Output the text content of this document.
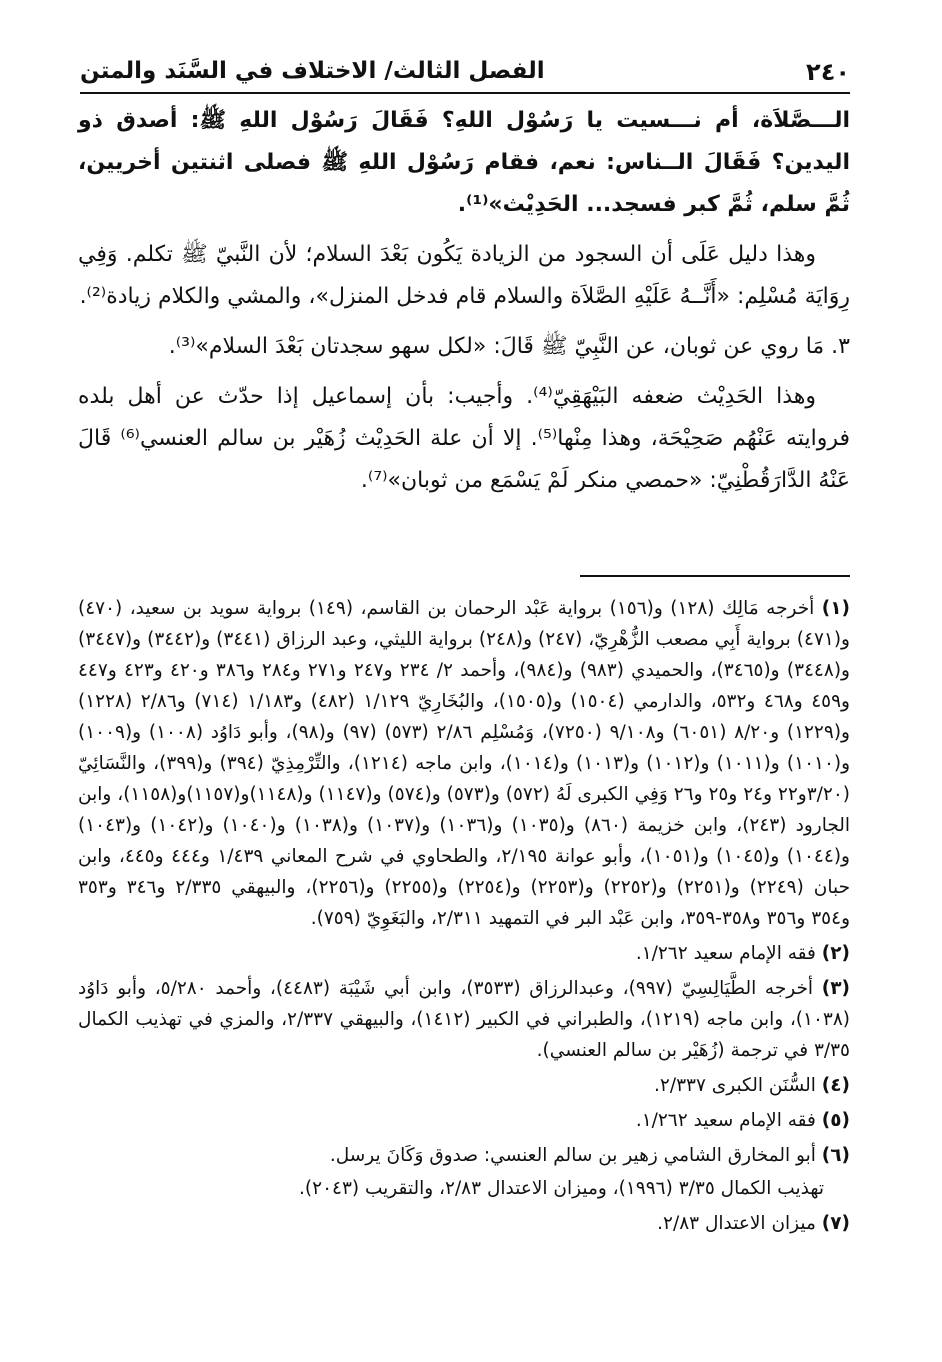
٢٤٠
الفصل الثالث/ الاختلاف في السَّنَد والمتن

الـــصَّلاَة، أم نـــسيت يا رَسُوْل اللهِ؟ فَقَالَ رَسُوْل اللهِ ﷺ: أصدق ذو اليدين؟ فَقَالَ الــناس: نعم، فقام رَسُوْل اللهِ ﷺ فصلى اثنتين أخريين، ثُمَّ سلم، ثُمَّ كبر فسجد... الحَدِيْث»⁽¹⁾.

وهذا دليل عَلَى أن السجود من الزيادة يَكُون بَعْدَ السلام؛ لأن النَّبيّ ﷺ تكلم. وَفِي رِوَايَة مُسْلِم: «أَنَّــهُ عَلَيْهِ الصَّلاَة والسلام قام فدخل المنزل»، والمشي والكلام زيادة⁽²⁾.

٣. مَا روي عن ثوبان، عن النَّبِيّ ﷺ قَالَ: «لكل سهو سجدتان بَعْدَ السلام»⁽³⁾.

وهذا الحَدِيْث ضعفه البَيْهَقِيّ⁽⁴⁾. وأجيب: بأن إسماعيل إذا حدّث عن أهل بلده فروايته عَنْهُم صَحِيْحَة، وهذا مِنْها⁽⁵⁾. إلا أن علة الحَدِيْث زُهَيْر بن سالم العنسي⁽⁶⁾ قَالَ عَنْهُ الدَّارَقُطْنِيّ: «حمصي منكر لَمْ يَسْمَع من ثوبان»⁽⁷⁾.

(١) أخرجه مَالِك (١٢٨) و(١٥٦) برواية عَبْد الرحمان بن القاسم، (١٤٩) برواية سويد بن سعيد، (٤٧٠) و(٤٧١) برواية أَبِي مصعب الزُّهْرِيّ، (٢٤٧) و(٢٤٨) برواية الليثي، وعبد الرزاق (٣٤٤١) و(٣٤٤٢) و(٣٤٤٧) و(٣٤٤٨) و(٣٤٦٥)، والحميدي (٩٨٣) و(٩٨٤)، وأحمد ٢/ ٢٣٤ و٢٤٧ و٢٧١ و٢٨٤ و٣٨٦ و٤٢٠ و٤٢٣ و٤٤٧ و٤٥٩ و٤٦٨ و٥٣٢، والدارمي (١٥٠٤) و(١٥٠٥)، والبُخَارِيّ ١/١٢٩ (٤٨٢) و١/١٨٣ (٧١٤) و٢/٨٦ (١٢٢٨) و(١٢٢٩) و٨/٢٠ (٦٠٥١) و٩/١٠٨ (٧٢٥٠)، وَمُسْلِم ٢/٨٦ (٥٧٣) (٩٧) و(٩٨)، وأبو دَاوُد (١٠٠٨) و(١٠٠٩) و(١٠١٠) و(١٠١١) و(١٠١٢) و(١٠١٣) و(١٠١٤)، وابن ماجه (١٢١٤)، والتِّرْمِذِيّ (٣٩٤) و(٣٩٩)، والنَّسَائِيّ (٣/٢٠و٢٢ و٢٤ و٢٥ و٢٦ وَفِي الكبرى لَهُ (٥٧٢) و(٥٧٣) و(٥٧٤) و(١١٤٧) و(١١٤٨)و(١١٥٧)و(١١٥٨)، وابن الجارود (٢٤٣)، وابن خزيمة (٨٦٠) و(١٠٣٥) و(١٠٣٦) و(١٠٣٧) و(١٠٣٨) و(١٠٤٠) و(١٠٤٢) و(١٠٤٣) و(١٠٤٤) و(١٠٤٥) و(١٠٥١)، وأبو عوانة ٢/١٩٥، والطحاوي في شرح المعاني ١/٤٣٩ و٤٤٤ و٤٤٥، وابن حبان (٢٢٤٩) و(٢٢٥١) و(٢٢٥٢) و(٢٢٥٣) و(٢٢٥٤) و(٢٢٥٥) و(٢٢٥٦)، والبيهقي ٢/٣٣٥ و٣٤٦ و٣٥٣ و٣٥٤ و٣٥٦ و٣٥٨-٣٥٩، وابن عَبْد البر في التمهيد ٢/٣١١، والبَغَوِيّ (٧٥٩).
(٢) فقه الإمام سعيد ١/٢٦٢.
(٣) أخرجه الطَّيَالِسِيّ (٩٩٧)، وعبدالرزاق (٣٥٣٣)، وابن أبي شَيْبَة (٤٤٨٣)، وأحمد ٥/٢٨٠، وأبو دَاوُد (١٠٣٨)، وابن ماجه (١٢١٩)، والطبراني في الكبير (١٤١٢)، والبيهقي ٢/٣٣٧، والمزي في تهذيب الكمال ٣/٣٥ في ترجمة (زُهَيْر بن سالم العنسي).
(٤) السُّنَن الكبرى ٢/٣٣٧.
(٥) فقه الإمام سعيد ١/٢٦٢.
(٦) أبو المخارق الشامي زهير بن سالم العنسي: صدوق وَكَانَ يرسل.
تهذيب الكمال ٣/٣٥ (١٩٩٦)، وميزان الاعتدال ٢/٨٣، والتقريب (٢٠٤٣).
(٧) ميزان الاعتدال ٢/٨٣.
